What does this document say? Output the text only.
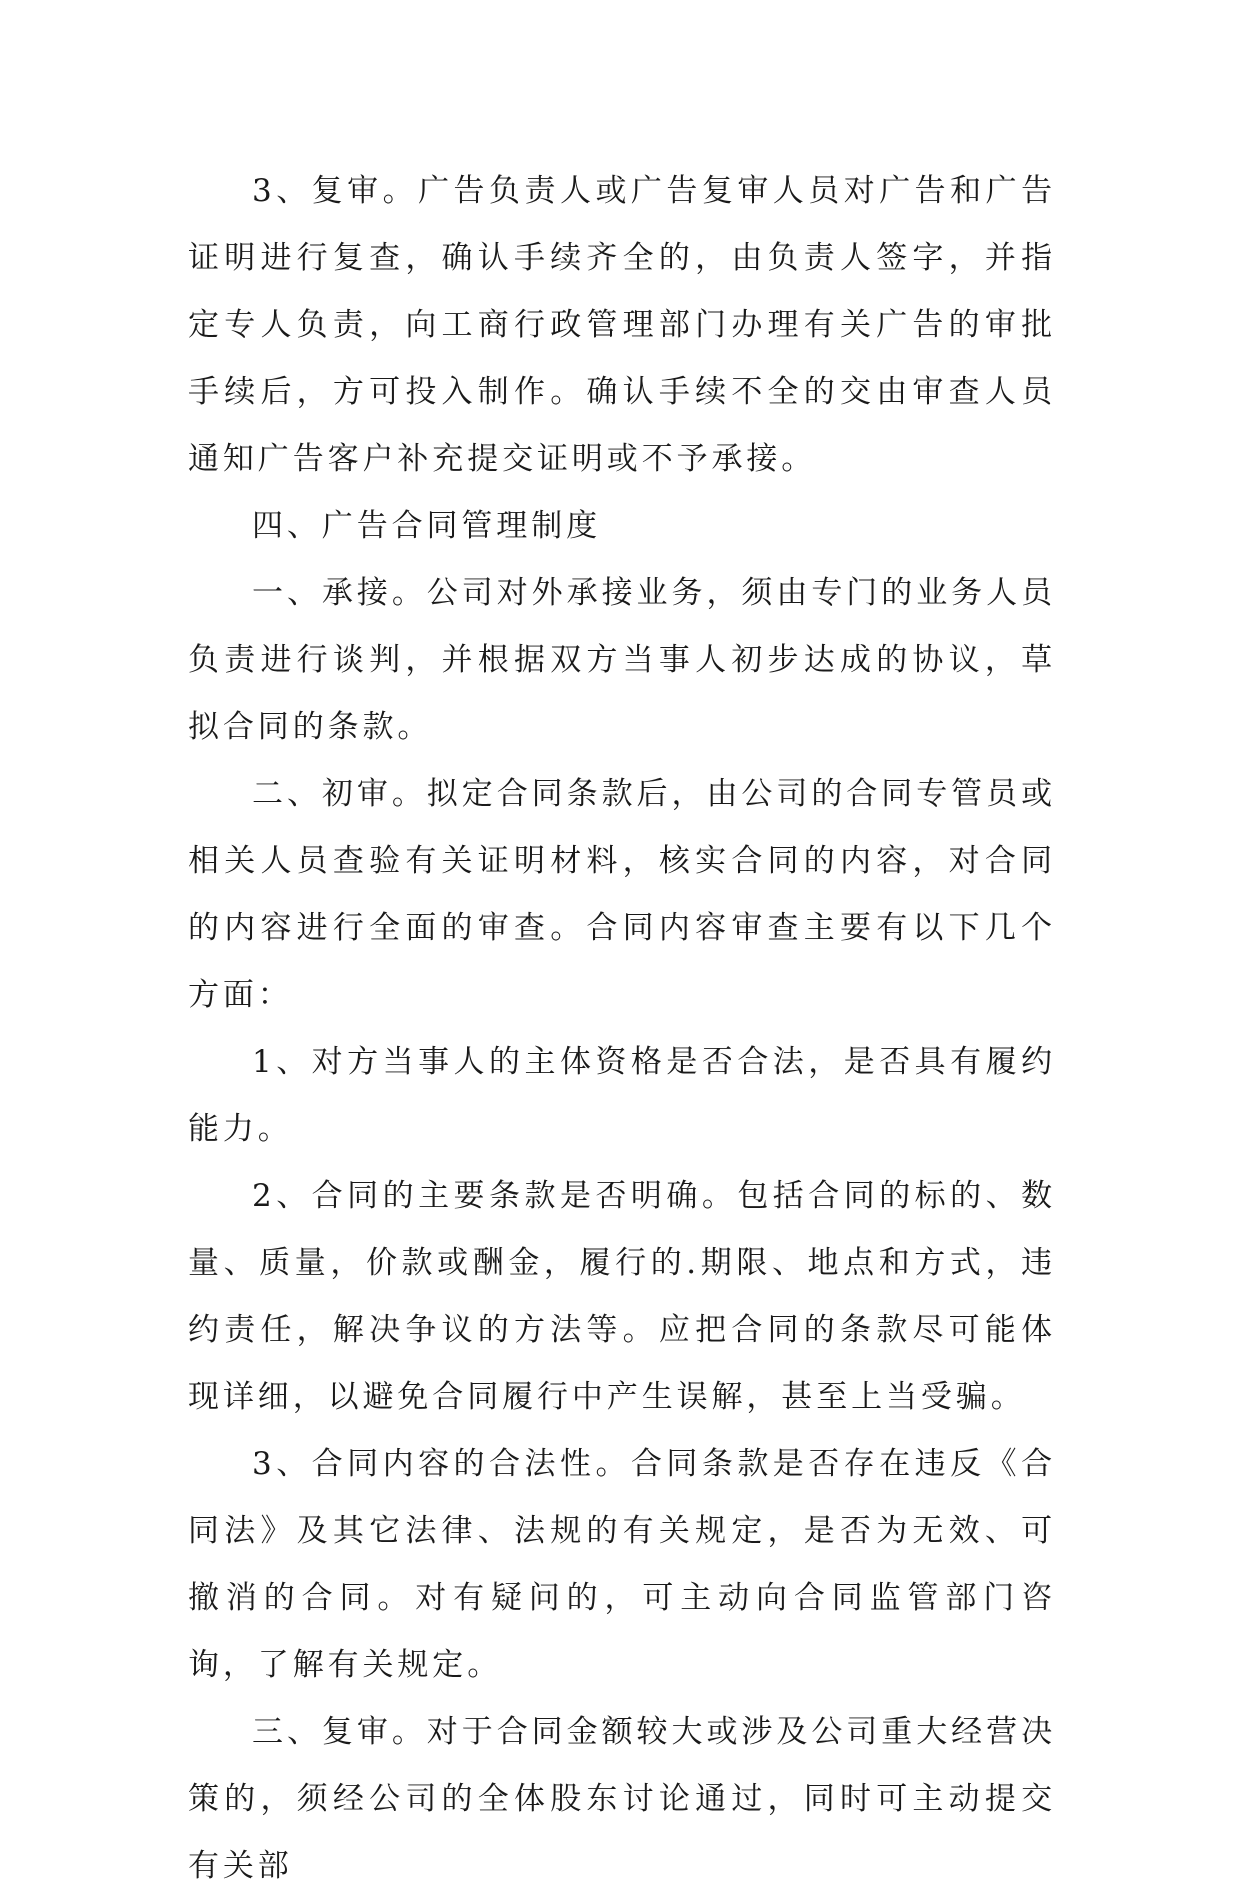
3、复审。广告负责人或广告复审人员对广告和广告证明进行复查，确认手续齐全的，由负责人签字，并指定专人负责，向工商行政管理部门办理有关广告的审批手续后，方可投入制作。确认手续不全的交由审查人员通知广告客户补充提交证明或不予承接。

四、广告合同管理制度

一、承接。公司对外承接业务，须由专门的业务人员负责进行谈判，并根据双方当事人初步达成的协议，草拟合同的条款。

二、初审。拟定合同条款后，由公司的合同专管员或相关人员查验有关证明材料，核实合同的内容，对合同的内容进行全面的审查。合同内容审查主要有以下几个方面：

1、对方当事人的主体资格是否合法，是否具有履约能力。

2、合同的主要条款是否明确。包括合同的标的、数量、质量，价款或酬金，履行的.期限、地点和方式，违约责任，解决争议的方法等。应把合同的条款尽可能体现详细，以避免合同履行中产生误解，甚至上当受骗。

3、合同内容的合法性。合同条款是否存在违反《合同法》及其它法律、法规的有关规定，是否为无效、可撤消的合同。对有疑问的，可主动向合同监管部门咨询，了解有关规定。

三、复审。对于合同金额较大或涉及公司重大经营决策的，须经公司的全体股东讨论通过，同时可主动提交有关部
